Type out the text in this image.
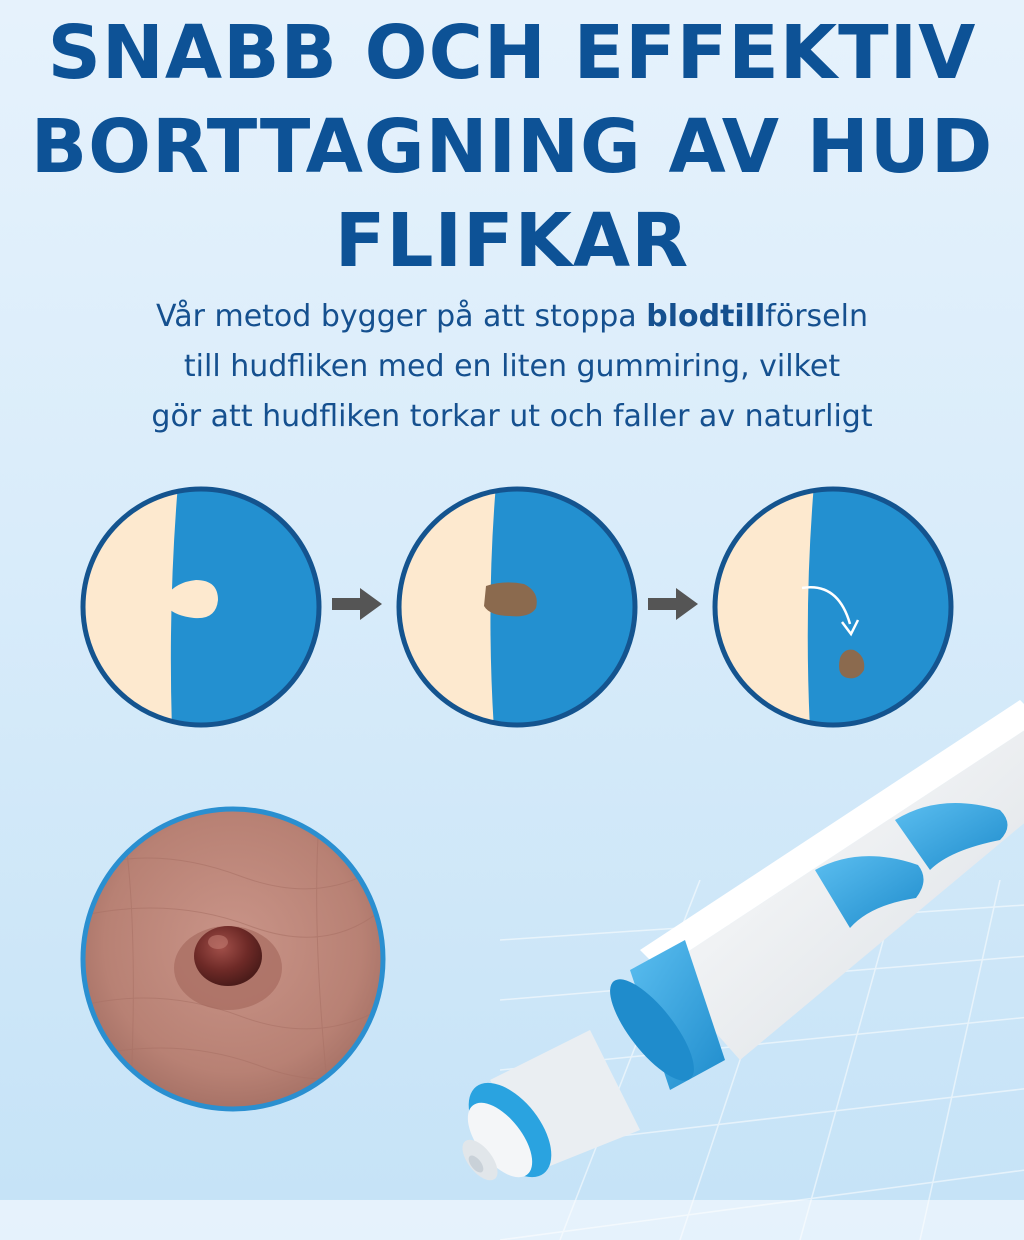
SNABB OCH EFFEKTIV
BORTTAGNING AV HUD
FLIFKAR

Vår metod bygger på att stoppa blodtillförseln
till hudfliken med en liten gummiring, vilket
gör att hudfliken torkar ut och faller av naturligt
